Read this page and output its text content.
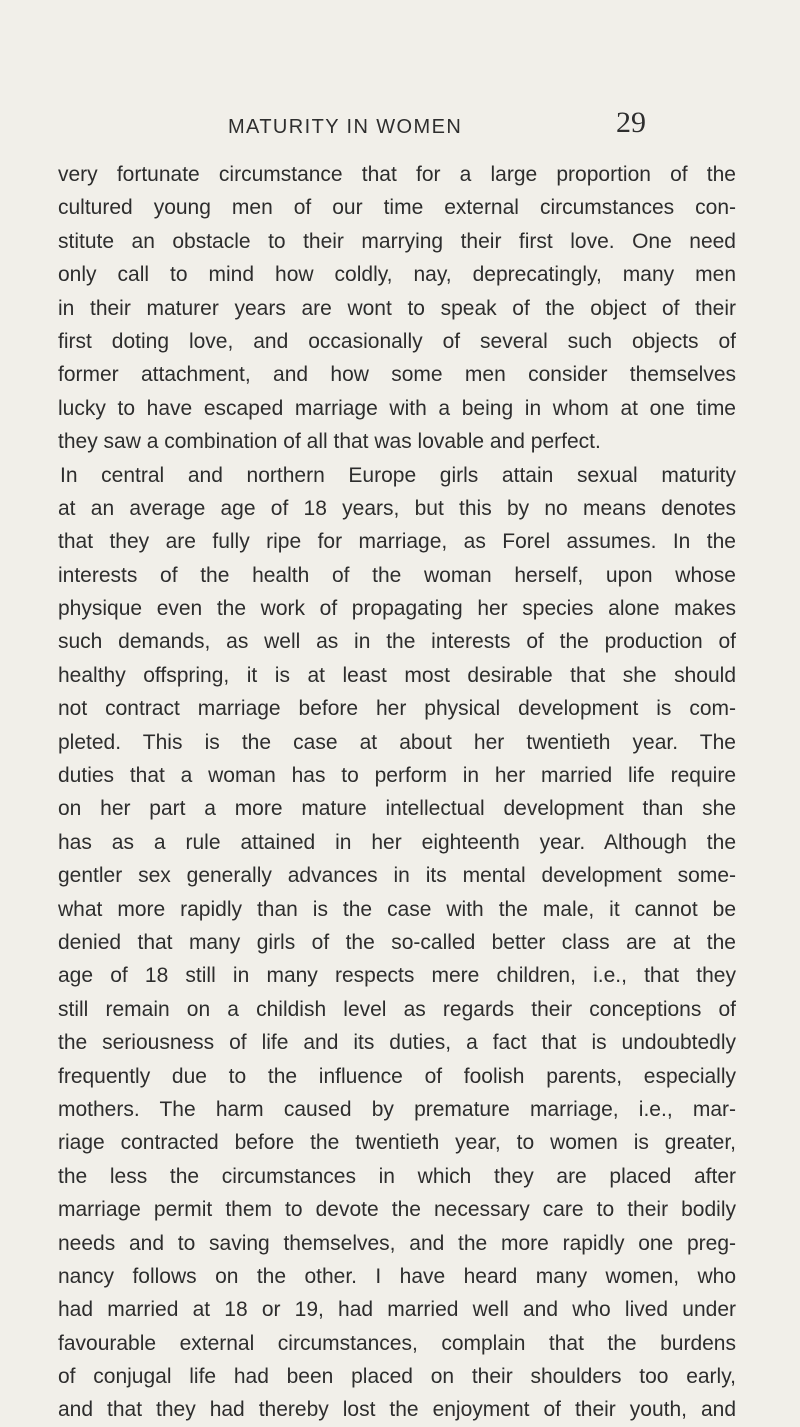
MATURITY IN WOMEN	29
very fortunate circumstance that for a large proportion of the
cultured young men of our time external circumstances con-
stitute an obstacle to their marrying their first love. One need
only call to mind how coldly, nay, deprecatingly, many men
in their maturer years are wont to speak of the object of their
first doting love, and occasionally of several such objects of
former attachment, and how some men consider themselves
lucky to have escaped marriage with a being in whom at one time
they saw a combination of all that was lovable and perfect.
In central and northern Europe girls attain sexual maturity
at an average age of 18 years, but this by no means denotes
that they are fully ripe for marriage, as Forel assumes. In the
interests of the health of the woman herself, upon whose
physique even the work of propagating her species alone makes
such demands, as well as in the interests of the production of
healthy offspring, it is at least most desirable that she should
not contract marriage before her physical development is com-
pleted. This is the case at about her twentieth year. The
duties that a woman has to perform in her married life require
on her part a more mature intellectual development than she
has as a rule attained in her eighteenth year. Although the
gentler sex generally advances in its mental development some-
what more rapidly than is the case with the male, it cannot be
denied that many girls of the so-called better class are at the
age of 18 still in many respects mere children, i.e., that they
still remain on a childish level as regards their conceptions of
the seriousness of life and its duties, a fact that is undoubtedly
frequently due to the influence of foolish parents, especially
mothers. The harm caused by premature marriage, i.e., mar-
riage contracted before the twentieth year, to women is greater,
the less the circumstances in which they are placed after
marriage permit them to devote the necessary care to their bodily
needs and to saving themselves, and the more rapidly one preg-
nancy follows on the other. I have heard many women, who
had married at 18 or 19, had married well and who lived under
favourable external circumstances, complain that the burdens
of conjugal life had been placed on their shoulders too early,
and that they had thereby lost the enjoyment of their youth, and
